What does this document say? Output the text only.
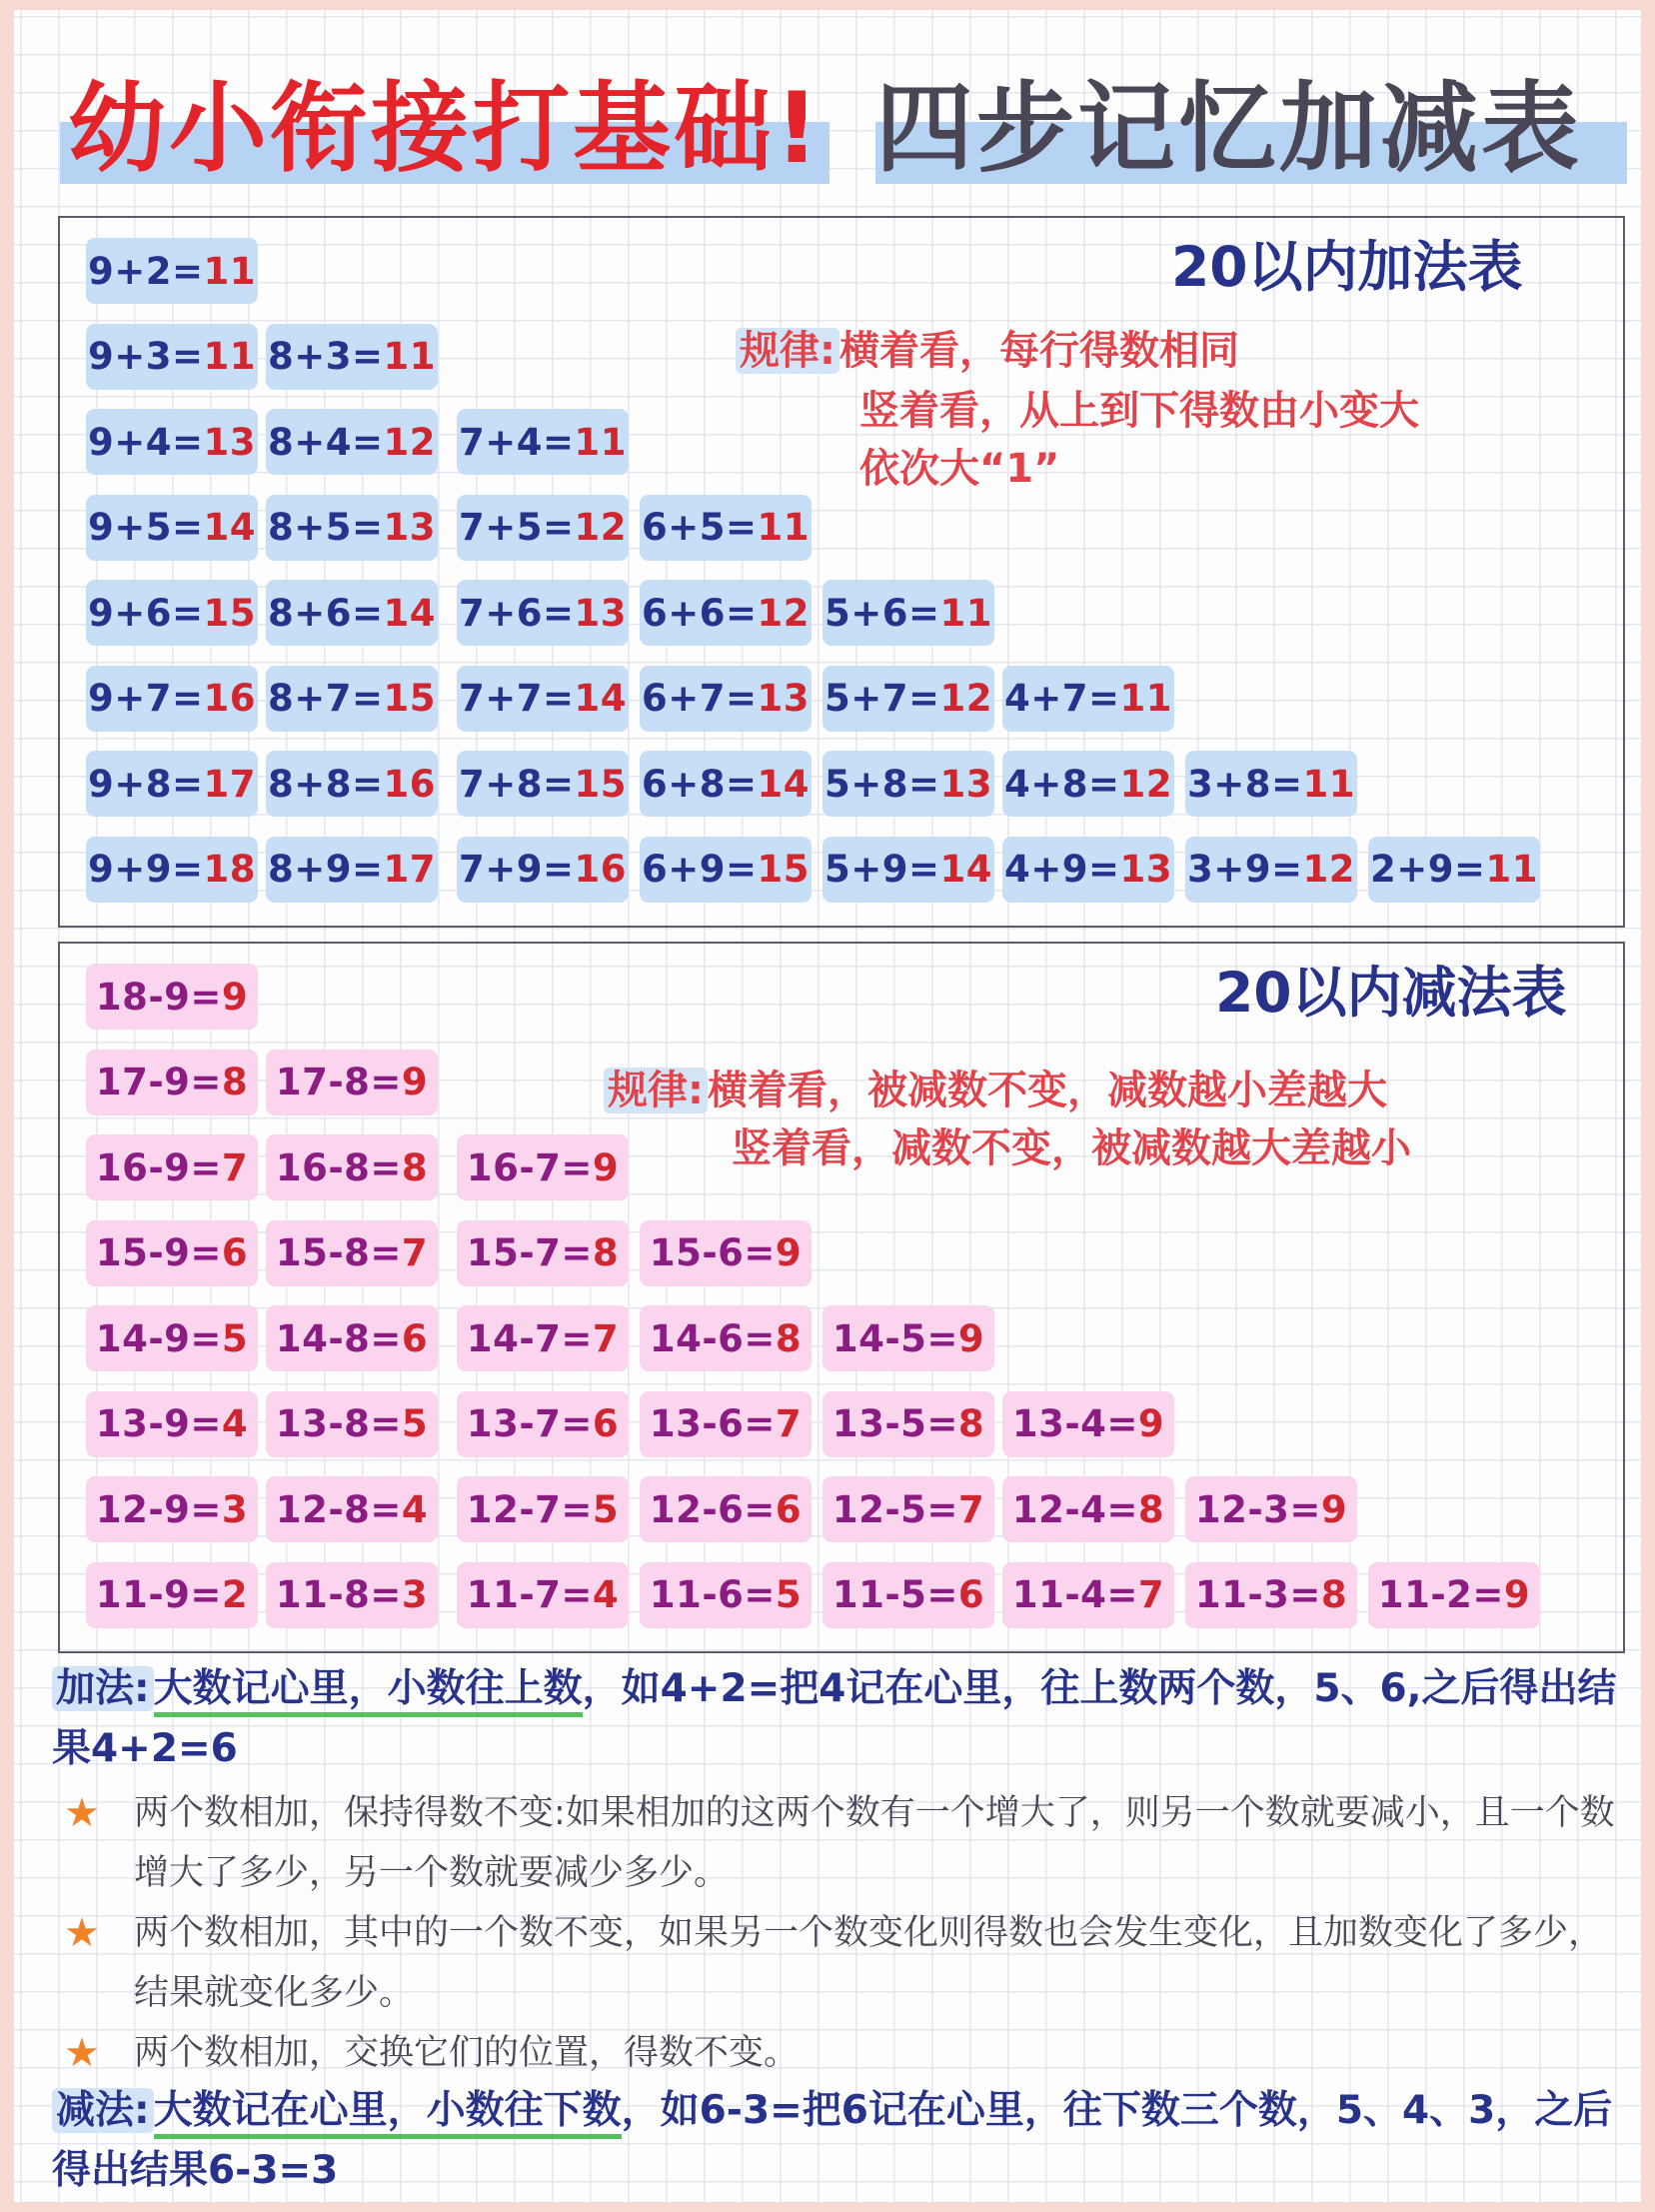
幼小衔接打基础! 四步记忆加减表
9+2= 11
9+3= 11 8+3= 11
9+4= 13 8+4= 12 7+4= 11
9+5= 14 8+5= 13 7+5= 12 6+5= 11
9+6= 15 8+6= 14 7+6= 13 6+6= 12 5+6= 11
9+7= 16 8+7= 15 7+7= 14 6+7= 13 5+7= 12 4+7= 11
9+8= 17 8+8= 16 7+8= 15 6+8= 14 5+8= 13 4+8= 12 3+8= 11
9+9= 18 8+9= 17 7+9= 16 6+9= 15 5+9= 14 4+9= 13 3+9= 12 2+9= 11
20以内加法表
规律: 横着看，每行得数相同
竖着看，从上到下得数由小变大
依次大“1”
18-9= 9
17-9= 8 17-8= 9
16-9= 7 16-8= 8 16-7= 9
15-9= 6 15-8= 7 15-7= 8 15-6= 9
14-9= 5 14-8= 6 14-7= 7 14-6= 8 14-5= 9
13-9= 4 13-8= 5 13-7= 6 13-6= 7 13-5= 8 13-4= 9
12-9= 3 12-8= 4 12-7= 5 12-6= 6 12-5= 7 12-4= 8 12-3= 9
11-9= 2 11-8= 3 11-7= 4 11-6= 5 11-5= 6 11-4= 7 11-3= 8 11-2= 9
20以内减法表
规律: 横着看，被减数不变，减数越小差越大
竖着看，减数不变，被减数越大差越小
加法: 大数记心里，小数往上数，如4+2=把4记在心里，往上数两个数，5、6,之后得出结果4+2=6
★ 两个数相加，保持得数不变:如果相加的这两个数有一个增大了，则另一个数就要减小，且一个数增大了多少，另一个数就要减少多少。
★ 两个数相加，其中的一个数不变，如果另一个数变化则得数也会发生变化，且加数变化了多少，结果就变化多少。
★ 两个数相加，交换它们的位置，得数不变。
减法: 大数记在心里，小数往下数，如6-3=把6记在心里，往下数三个数，5、4、3，之后得出结果6-3=3
